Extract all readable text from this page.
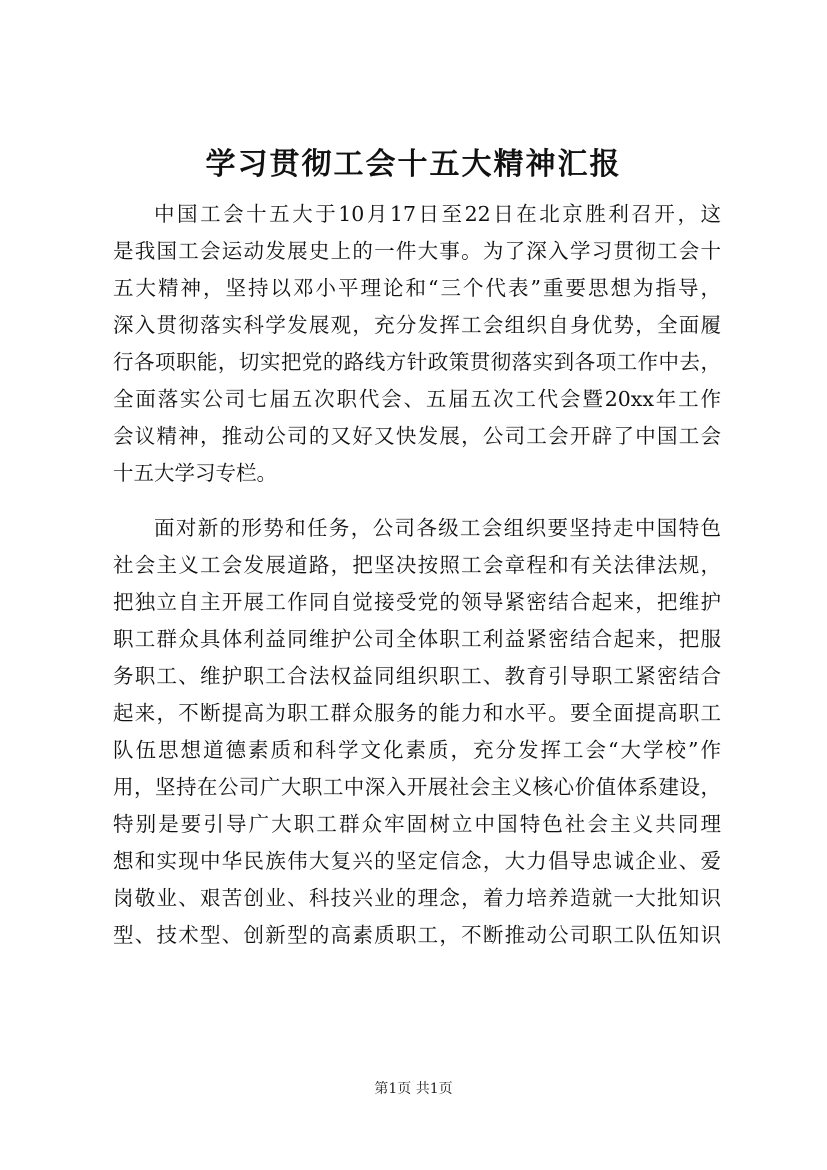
学习贯彻工会十五大精神汇报
中国工会十五大于10月17日至22日在北京胜利召开，这
是我国工会运动发展史上的一件大事。为了深入学习贯彻工会十
五大精神，坚持以邓小平理论和“三个代表”重要思想为指导，
深入贯彻落实科学发展观，充分发挥工会组织自身优势，全面履
行各项职能，切实把党的路线方针政策贯彻落实到各项工作中去，
全面落实公司七届五次职代会、五届五次工代会暨20xx年工作
会议精神，推动公司的又好又快发展，公司工会开辟了中国工会
十五大学习专栏。
面对新的形势和任务，公司各级工会组织要坚持走中国特色
社会主义工会发展道路，把坚决按照工会章程和有关法律法规，
把独立自主开展工作同自觉接受党的领导紧密结合起来，把维护
职工群众具体利益同维护公司全体职工利益紧密结合起来，把服
务职工、维护职工合法权益同组织职工、教育引导职工紧密结合
起来，不断提高为职工群众服务的能力和水平。要全面提高职工
队伍思想道德素质和科学文化素质，充分发挥工会“大学校”作
用，坚持在公司广大职工中深入开展社会主义核心价值体系建设，
特别是要引导广大职工群众牢固树立中国特色社会主义共同理
想和实现中华民族伟大复兴的坚定信念，大力倡导忠诚企业、爱
岗敬业、艰苦创业、科技兴业的理念，着力培养造就一大批知识
型、技术型、创新型的高素质职工，不断推动公司职工队伍知识
第1页 共1页
